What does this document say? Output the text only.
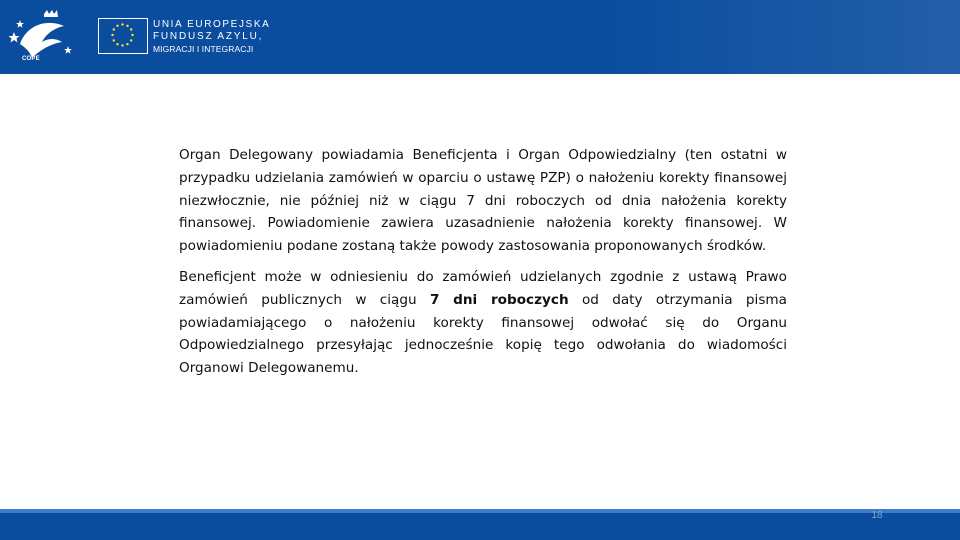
COPE
UNIA EUROPEJSKA
FUNDUSZ AZYLU,
MIGRACJI I INTEGRACJI

Organ Delegowany powiadamia Beneficjenta i Organ Odpowiedzialny (ten ostatni w przypadku udzielania zamówień w oparciu o ustawę PZP) o nałożeniu korekty finansowej niezwłocznie, nie później niż w ciągu 7 dni roboczych od dnia nałożenia korekty finansowej. Powiadomienie zawiera uzasadnienie nałożenia korekty finansowej. W powiadomieniu podane zostaną także powody zastosowania proponowanych środków.

Beneficjent może w odniesieniu do zamówień udzielanych zgodnie z ustawą Prawo zamówień publicznych w ciągu 7 dni roboczych od daty otrzymania pisma powiadamiającego o nałożeniu korekty finansowej odwołać się do Organu Odpowiedzialnego przesyłając jednocześnie kopię tego odwołania do wiadomości Organowi Delegowanemu.

18
